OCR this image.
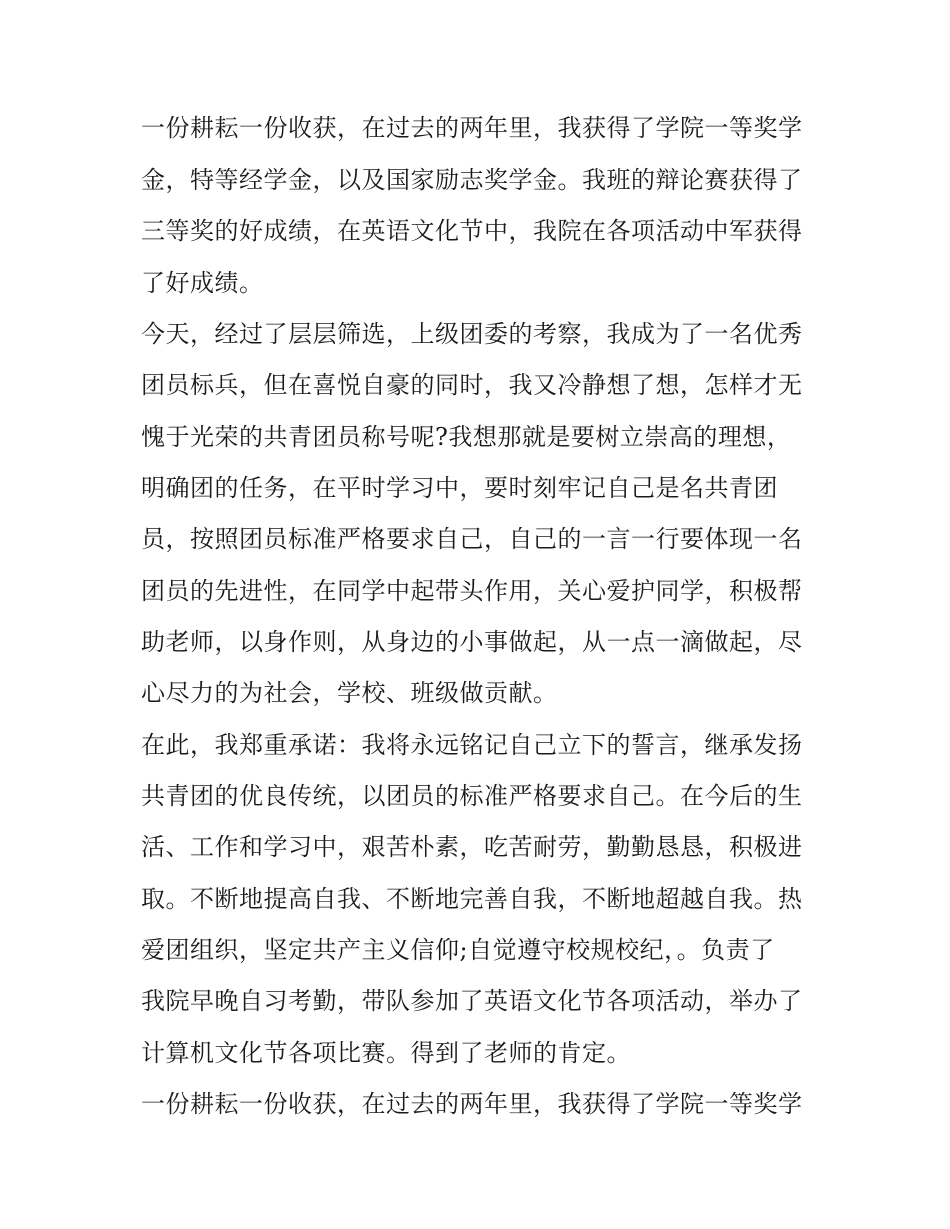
一份耕耘一份收获，在过去的两年里，我获得了学院一等奖学
金，特等经学金，以及国家励志奖学金。我班的辩论赛获得了
三等奖的好成绩，在英语文化节中，我院在各项活动中军获得
了好成绩。
今天，经过了层层筛选，上级团委的考察，我成为了一名优秀
团员标兵，但在喜悦自豪的同时，我又冷静想了想，怎样才无
愧于光荣的共青团员称号呢?我想那就是要树立崇高的理想，
明确团的任务，在平时学习中，要时刻牢记自己是名共青团
员，按照团员标准严格要求自己，自己的一言一行要体现一名
团员的先进性，在同学中起带头作用，关心爱护同学，积极帮
助老师，以身作则，从身边的小事做起，从一点一滴做起，尽
心尽力的为社会，学校、班级做贡献。
在此，我郑重承诺：我将永远铭记自己立下的誓言，继承发扬
共青团的优良传统，以团员的标准严格要求自己。在今后的生
活、工作和学习中，艰苦朴素，吃苦耐劳，勤勤恳恳，积极进
取。不断地提高自我、不断地完善自我，不断地超越自我。热
爱团组织，坚定共产主义信仰;自觉遵守校规校纪，。负责了
我院早晚自习考勤，带队参加了英语文化节各项活动，举办了
计算机文化节各项比赛。得到了老师的肯定。
一份耕耘一份收获，在过去的两年里，我获得了学院一等奖学
